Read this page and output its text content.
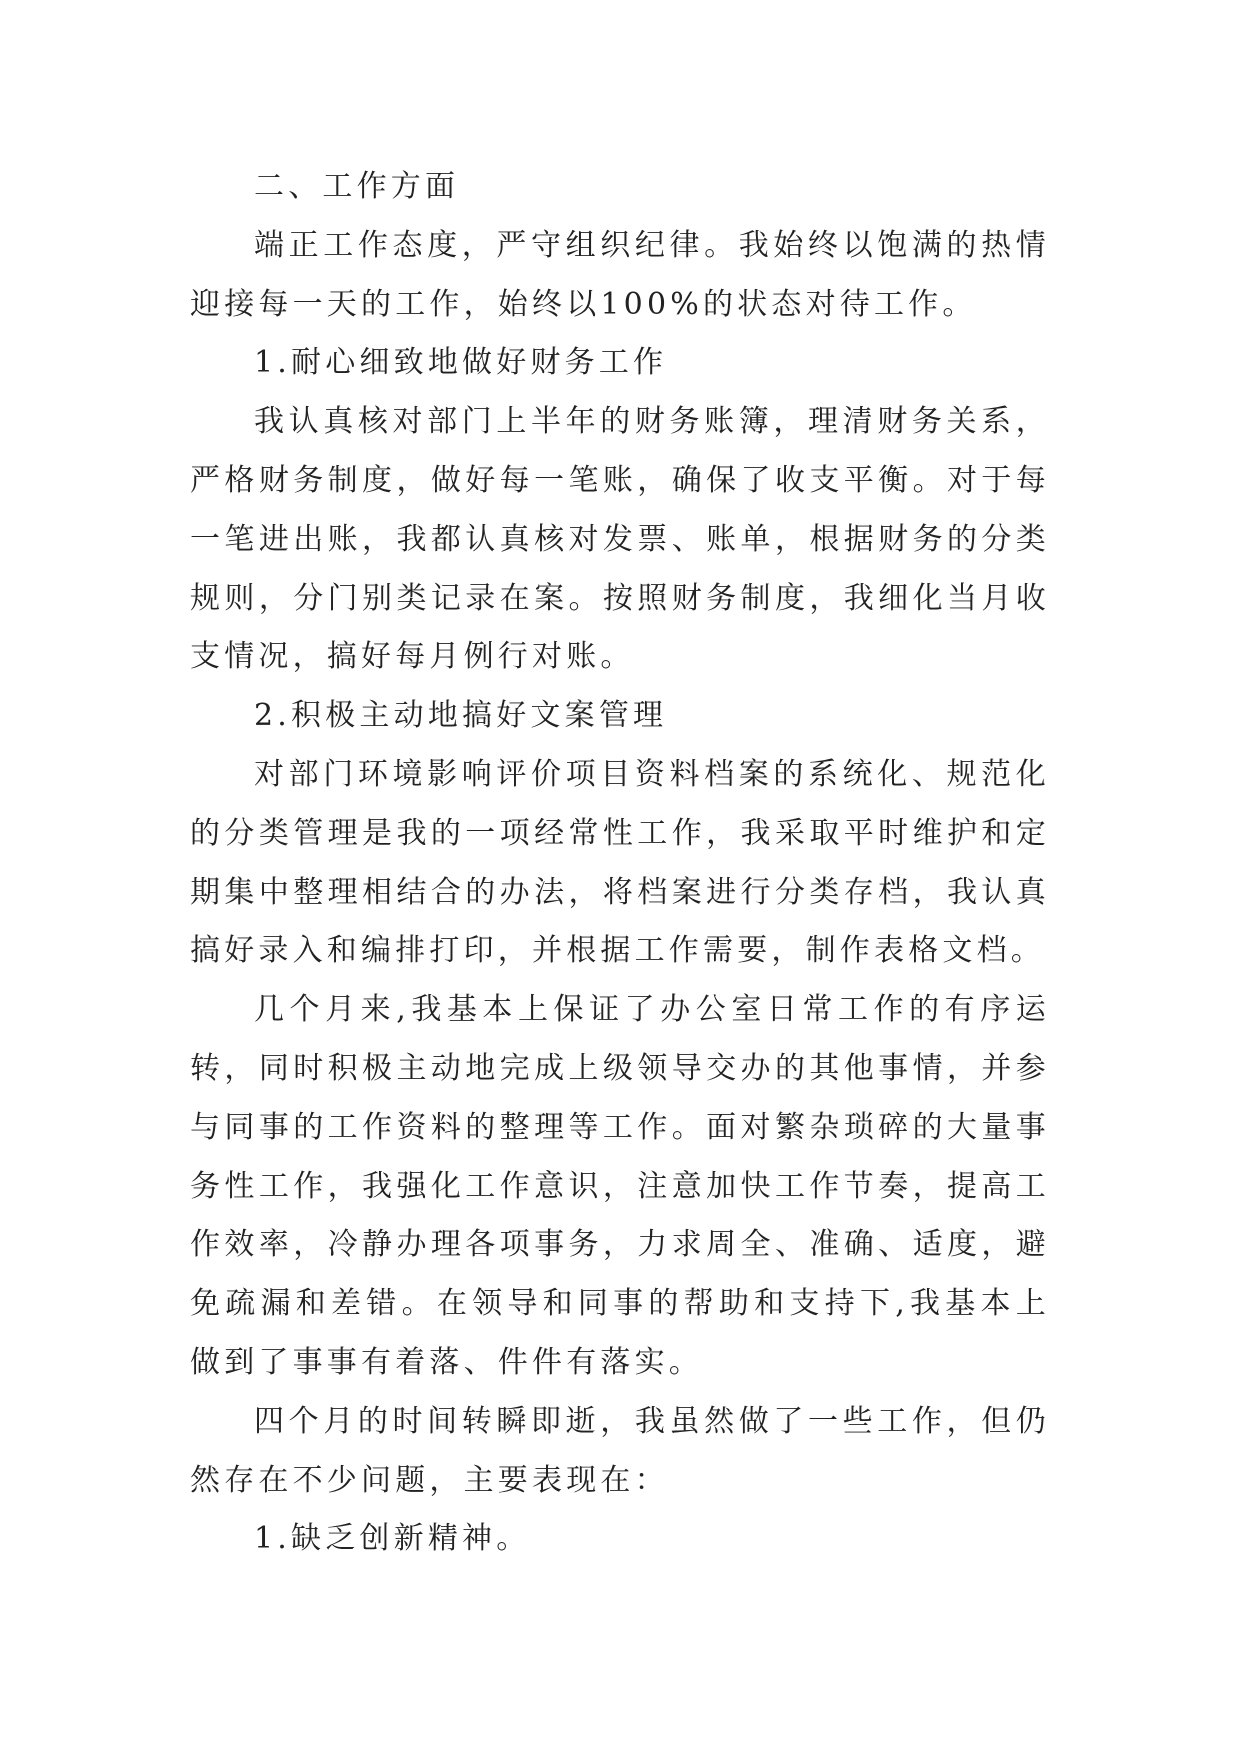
二、工作方面

端正工作态度，严守组织纪律。我始终以饱满的热情迎接每一天的工作，始终以100%的状态对待工作。

1.耐心细致地做好财务工作

我认真核对部门上半年的财务账簿，理清财务关系，严格财务制度，做好每一笔账，确保了收支平衡。对于每一笔进出账，我都认真核对发票、账单，根据财务的分类规则，分门别类记录在案。按照财务制度，我细化当月收支情况，搞好每月例行对账。

2.积极主动地搞好文案管理

对部门环境影响评价项目资料档案的系统化、规范化的分类管理是我的一项经常性工作，我采取平时维护和定期集中整理相结合的办法，将档案进行分类存档，我认真搞好录入和编排打印，并根据工作需要，制作表格文档。

几个月来,我基本上保证了办公室日常工作的有序运转，同时积极主动地完成上级领导交办的其他事情，并参与同事的工作资料的整理等工作。面对繁杂琐碎的大量事务性工作，我强化工作意识，注意加快工作节奏，提高工作效率，冷静办理各项事务，力求周全、准确、适度，避免疏漏和差错。在领导和同事的帮助和支持下,我基本上做到了事事有着落、件件有落实。

四个月的时间转瞬即逝，我虽然做了一些工作，但仍然存在不少问题，主要表现在：

1.缺乏创新精神。
